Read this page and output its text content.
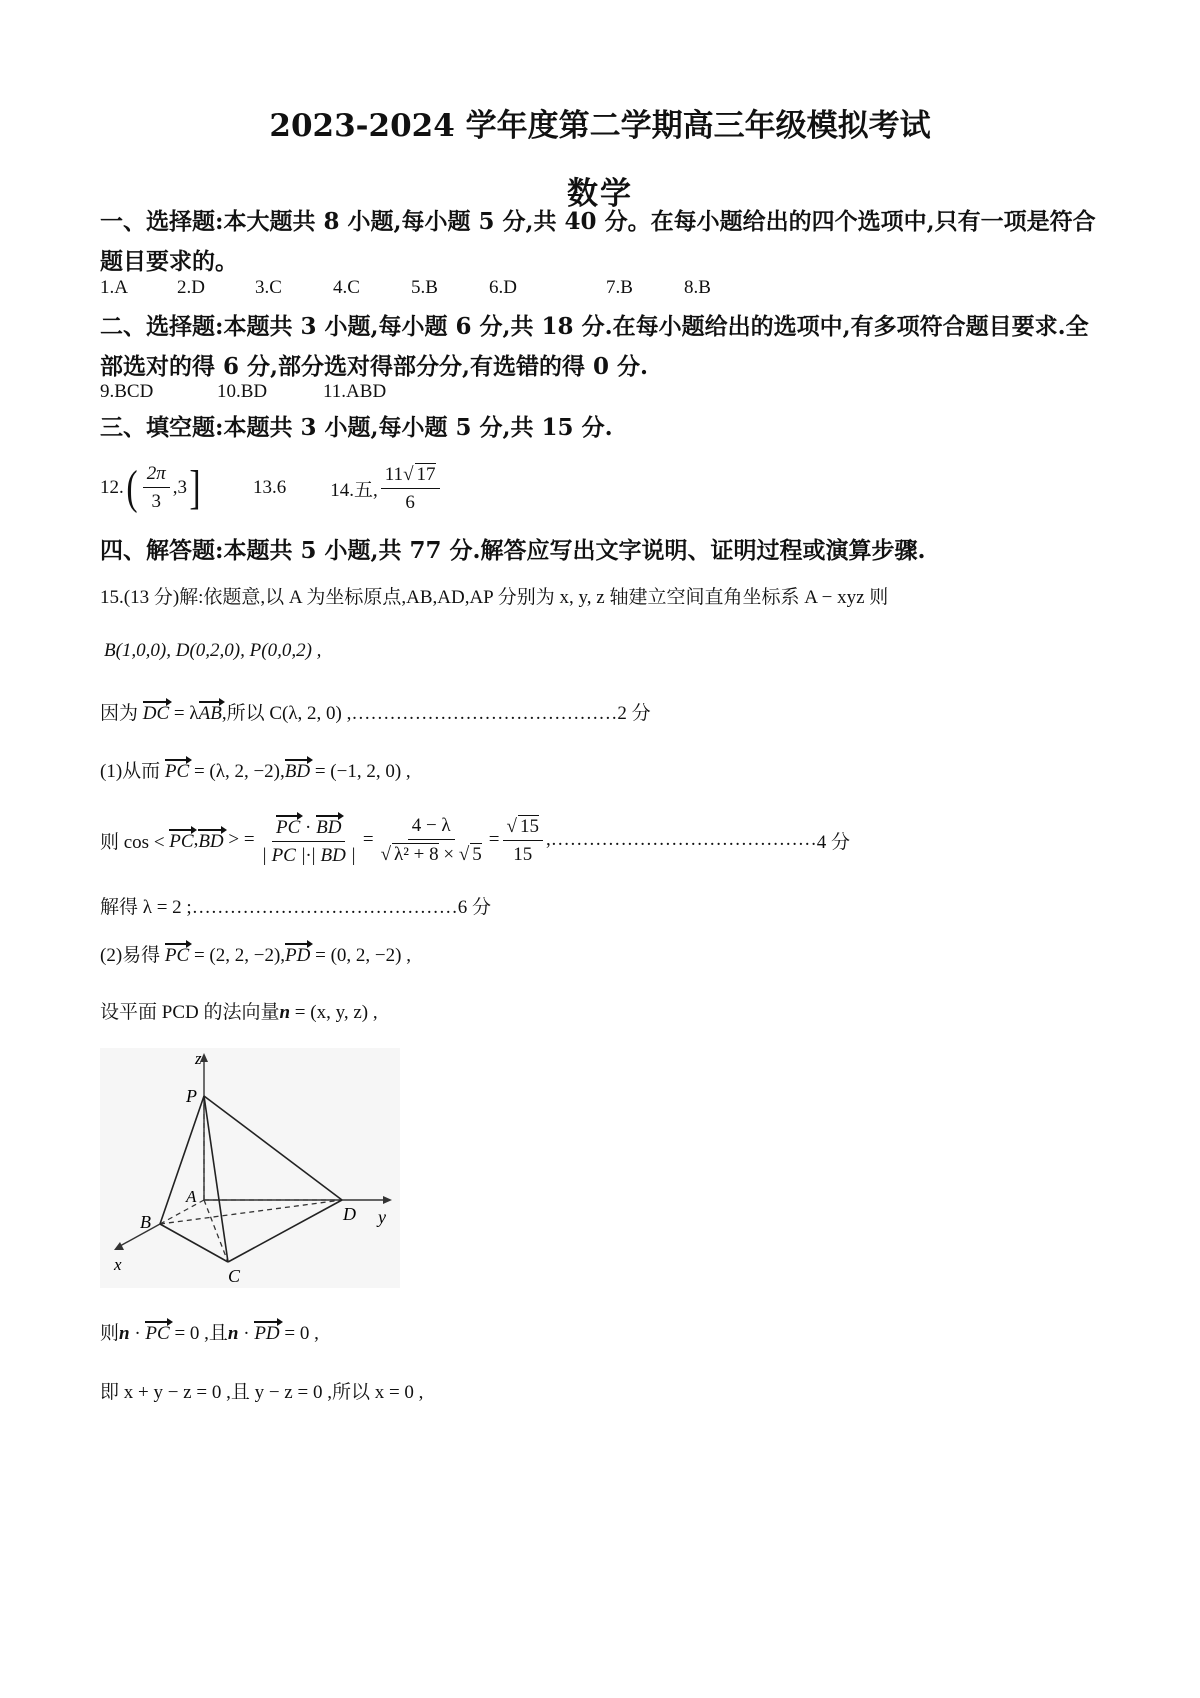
2023-2024 学年度第二学期高三年级模拟考试
数学
一、选择题:本大题共 8 小题,每小题 5 分,共 40 分。在每小题给出的四个选项中,只有一项是符合题目要求的。
1.A	2.D	3.C	4.C	5.B	6.D	7.B	8.B
二、选择题:本题共 3 小题,每小题 6 分,共 18 分.在每小题给出的选项中,有多项符合题目要求.全部选对的得 6 分,部分选对得部分分,有选错的得 0 分.
9.BCD	10.BD	11.ABD
三、填空题:本题共 3 小题,每小题 5 分,共 15 分.
12. ( $\frac{2\pi}{3} ,3$ ]	13.6 14.五, $\frac{11√ 17}{6}$
四、解答题:本题共 5 小题,共 77 分.解答应写出文字说明、证明过程或演算步骤.
15.(13 分)解:依题意,以 A 为坐标原点,AB,AD,AP 分别为 x, y, z 轴建立空间直角坐标系 A − xyz 则
B(1,0,0), D(0,2,0), P(0,0,2) ,
因为 DC = λAB,所以 C(λ, 2, 0) ,……………………………………2 分
(1)从而 PC = (λ, 2, −2),BD = (−1, 2, 0) ,
则 cos <
PC , BD
> = $\frac{PC \cdot BD}{| PC |\cdot| BD |} = \frac{4 - \lambda}{\text{√ λ² + 8 × √ 5}} = \frac{√ 15}{15}$ , …………………………………… 4 分
解得 λ = 2 ;……………………………………6 分
(2)易得 PC = (2, 2, −2),PD = (0, 2, −2) ,
设平面 PCD 的法向量n = (x, y, z) ,
z
P
A
B	D y
x
C
则n · PC = 0 ,且n · PD = 0 ,
即 x + y − z = 0 ,且 y − z = 0 ,所以 x = 0 ,
